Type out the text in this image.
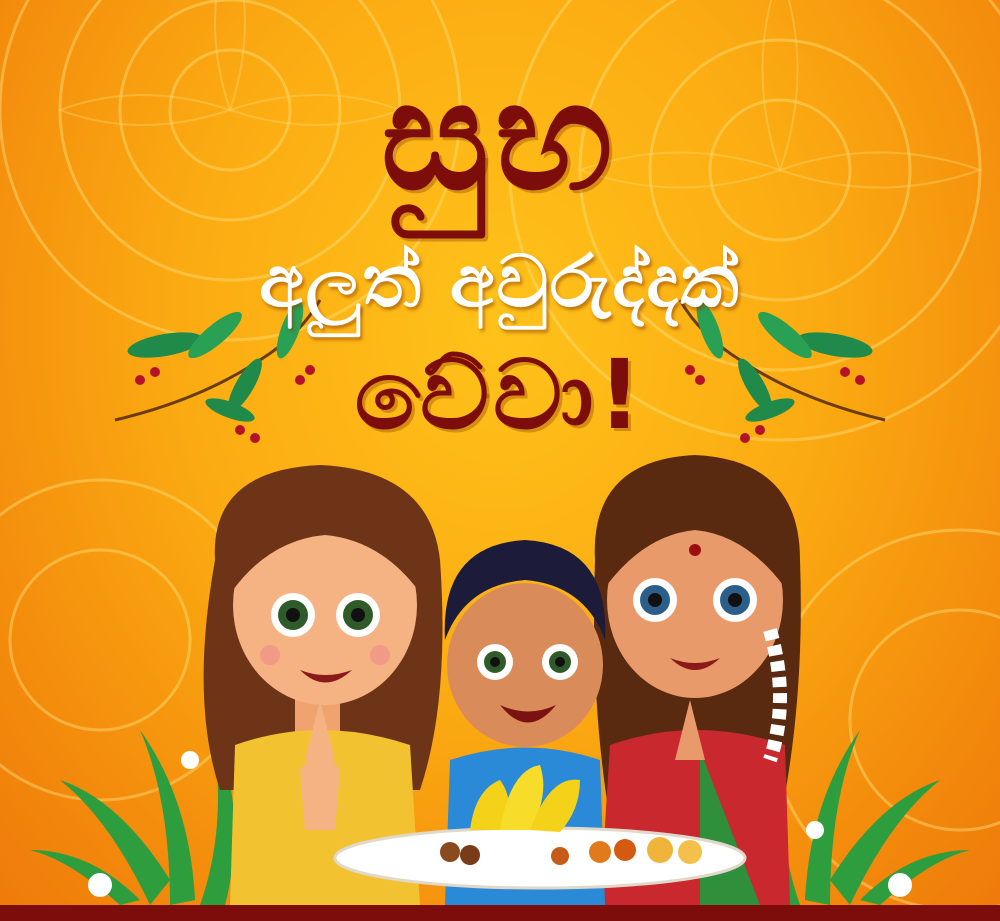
සුභ
අලුත් අවුරුද්දක්
වේවා!
